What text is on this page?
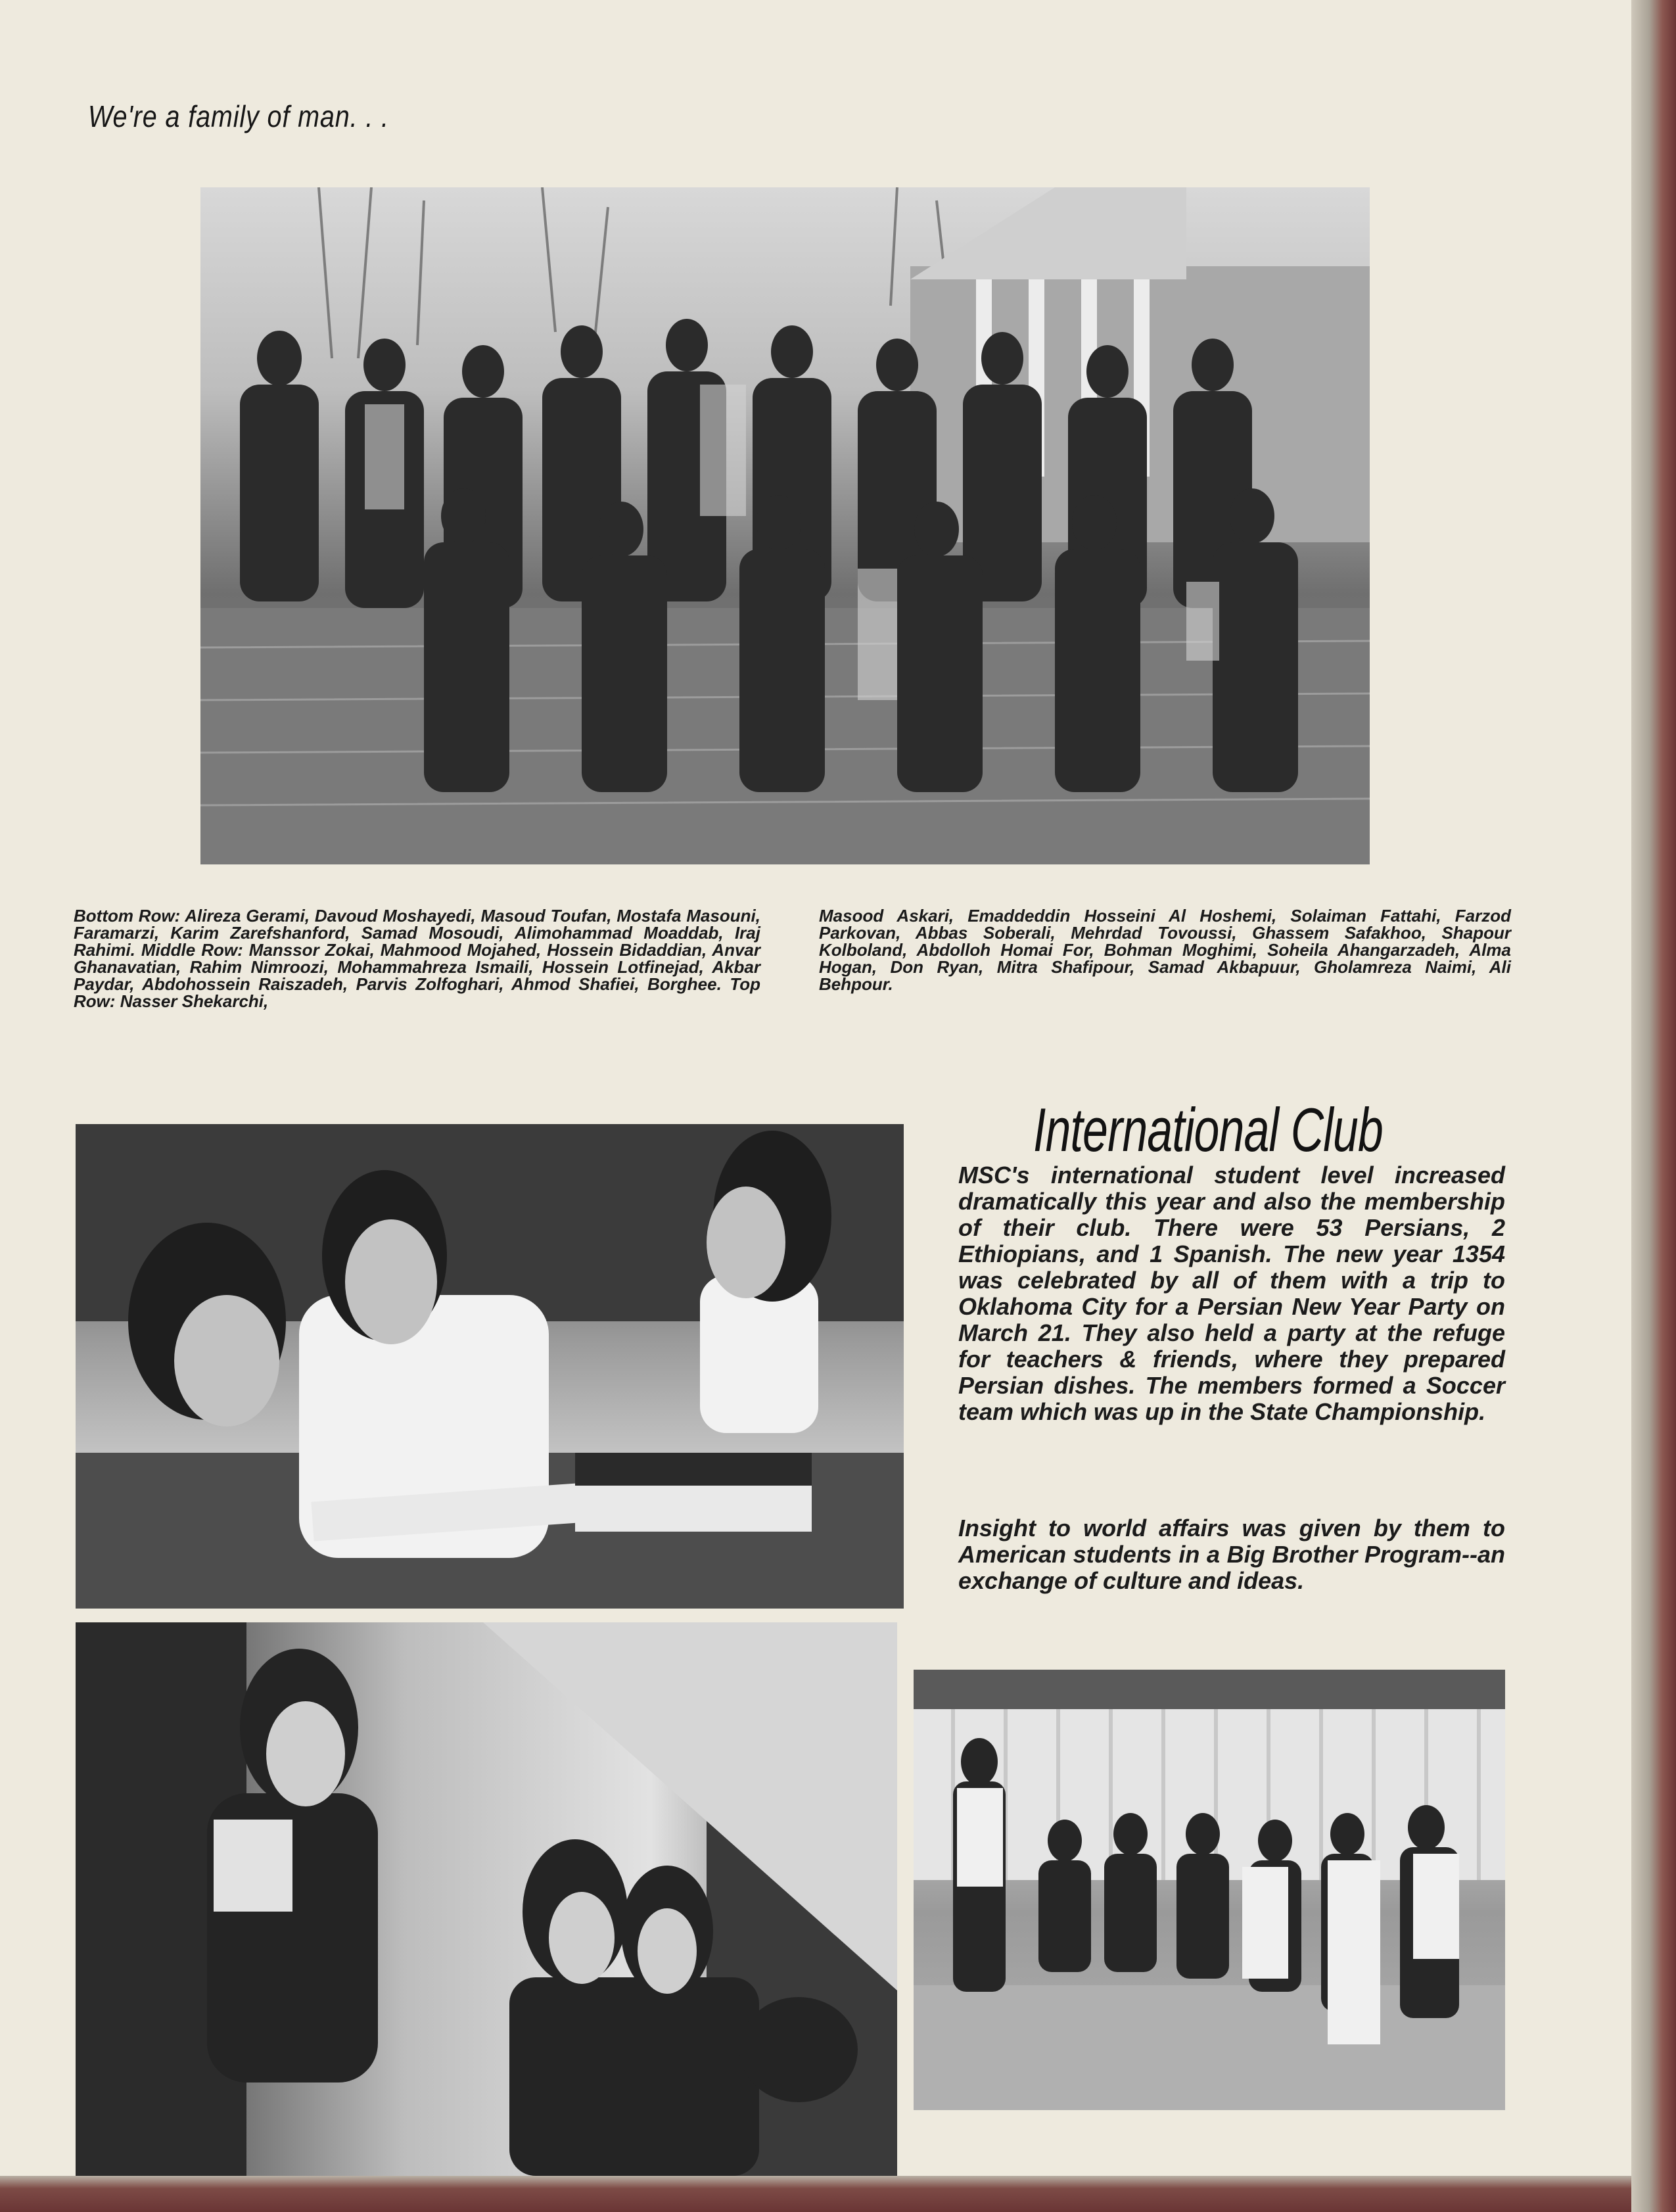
We're a family of man. . .
Bottom Row: Alireza Gerami, Davoud Moshayedi, Masoud Toufan, Mostafa Masouni, Faramarzi, Karim Zarefshanford, Samad Mosoudi, Alimohammad Moaddab, Iraj Rahimi. Middle Row: Manssor Zokai, Mahmood Mojahed, Hossein Bidaddian, Anvar Ghanavatian, Rahim Nimroozi, Mohammahreza Ismaili, Hossein Lotfinejad, Akbar Paydar, Abdohossein Raiszadeh, Parvis Zolfoghari, Ahmod Shafiei, Borghee. Top Row: Nasser Shekarchi,
Masood Askari, Emaddeddin Hosseini Al Hoshemi, Solaiman Fattahi, Farzod Parkovan, Abbas Soberali, Mehrdad Tovoussi, Ghassem Safakhoo, Shapour Kolboland, Abdolloh Homai For, Bohman Moghimi, Soheila Ahangarzadeh, Alma Hogan, Don Ryan, Mitra Shafipour, Samad Akbapuur, Gholamreza Naimi, Ali Behpour.
International Club
MSC's international student level increased dramatically this year and also the membership of their club. There were 53 Persians, 2 Ethiopians, and 1 Spanish. The new year 1354 was celebrated by all of them with a trip to Oklahoma City for a Persian New Year Party on March 21. They also held a party at the refuge for teachers & friends, where they prepared Persian dishes. The members formed a Soccer team which was up in the State Championship.
Insight to world affairs was given by them to American students in a Big Brother Program--an exchange of culture and ideas.
